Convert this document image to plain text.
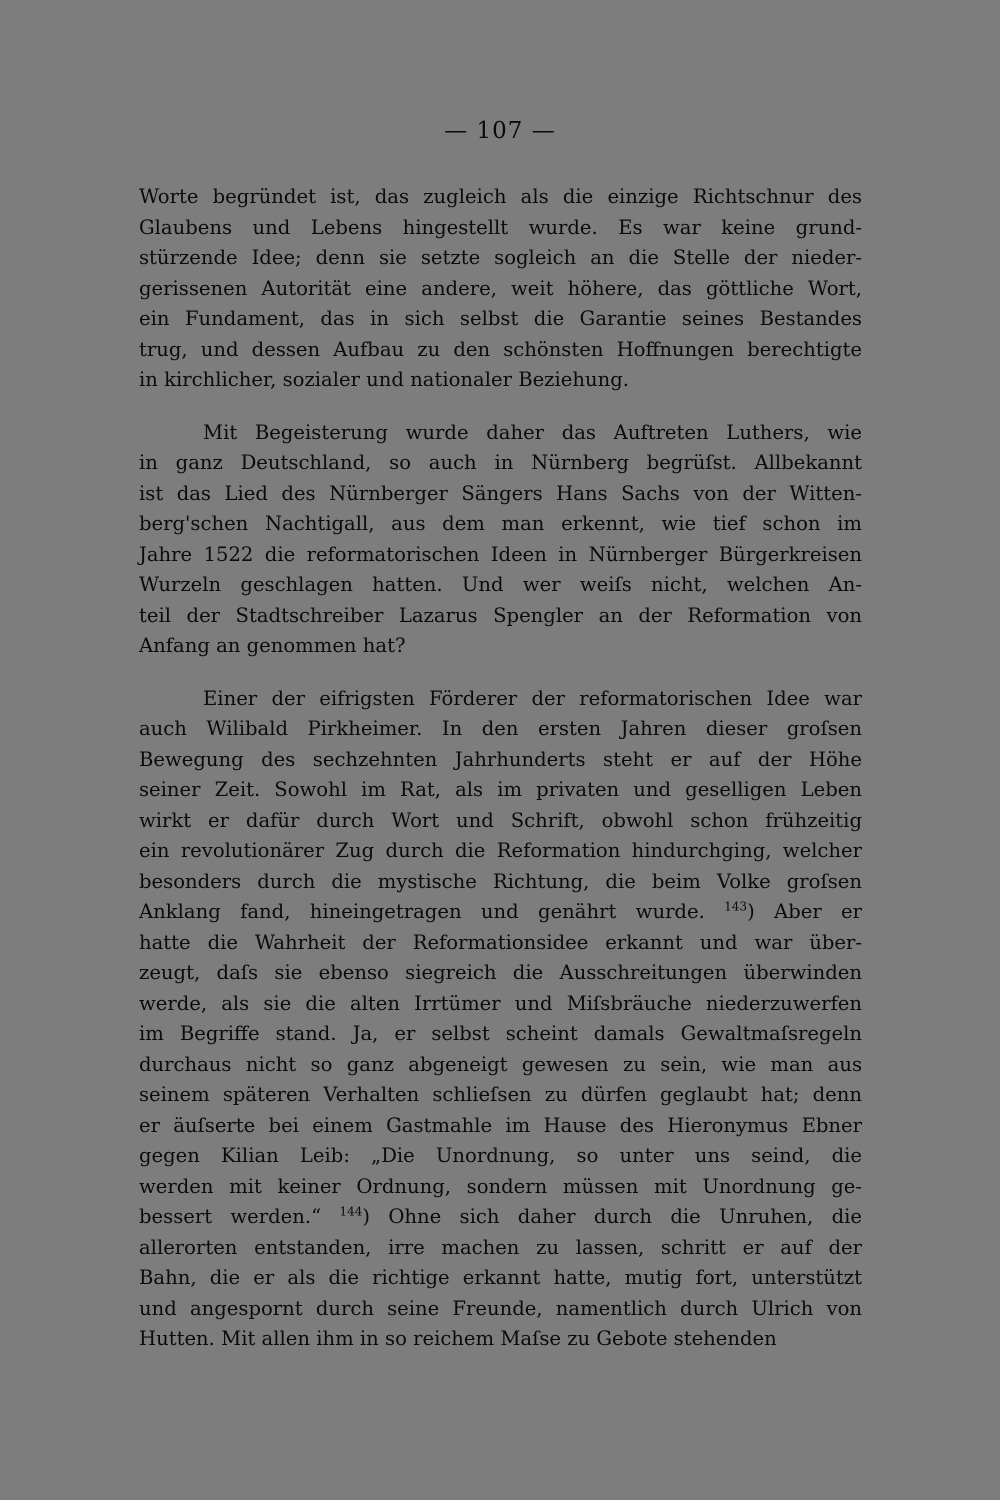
— 107 —
Worte begründet ist, das zugleich als die einzige Richtschnur des
Glaubens und Lebens hingestellt wurde. Es war keine grund-
stürzende Idee; denn sie setzte sogleich an die Stelle der nieder-
gerissenen Autorität eine andere, weit höhere, das göttliche Wort,
ein Fundament, das in sich selbst die Garantie seines Bestandes
trug, und dessen Aufbau zu den schönsten Hoffnungen berechtigte
in kirchlicher, sozialer und nationaler Beziehung.
Mit Begeisterung wurde daher das Auftreten Luthers, wie
in ganz Deutschland, so auch in Nürnberg begrüſst. Allbekannt
ist das Lied des Nürnberger Sängers Hans Sachs von der Witten-
berg'schen Nachtigall, aus dem man erkennt, wie tief schon im
Jahre 1522 die reformatorischen Ideen in Nürnberger Bürgerkreisen
Wurzeln geschlagen hatten. Und wer weiſs nicht, welchen An-
teil der Stadtschreiber Lazarus Spengler an der Reformation von
Anfang an genommen hat?
Einer der eifrigsten Förderer der reformatorischen Idee war
auch Wilibald Pirkheimer. In den ersten Jahren dieser groſsen
Bewegung des sechzehnten Jahrhunderts steht er auf der Höhe
seiner Zeit. Sowohl im Rat, als im privaten und geselligen Leben
wirkt er dafür durch Wort und Schrift, obwohl schon frühzeitig
ein revolutionärer Zug durch die Reformation hindurchging, welcher
besonders durch die mystische Richtung, die beim Volke groſsen
Anklang fand, hineingetragen und genährt wurde. $^{143}$) Aber er
hatte die Wahrheit der Reformationsidee erkannt und war über-
zeugt, daſs sie ebenso siegreich die Ausschreitungen überwinden
werde, als sie die alten Irrtümer und Miſsbräuche niederzuwerfen
im Begriffe stand. Ja, er selbst scheint damals Gewaltmaſsregeln
durchaus nicht so ganz abgeneigt gewesen zu sein, wie man aus
seinem späteren Verhalten schlieſsen zu dürfen geglaubt hat; denn
er äuſserte bei einem Gastmahle im Hause des Hieronymus Ebner
gegen Kilian Leib: „Die Unordnung, so unter uns seind, die
werden mit keiner Ordnung, sondern müssen mit Unordnung ge-
bessert werden.“ $^{144}$) Ohne sich daher durch die Unruhen, die
allerorten entstanden, irre machen zu lassen, schritt er auf der
Bahn, die er als die richtige erkannt hatte, mutig fort, unterstützt
und angespornt durch seine Freunde, namentlich durch Ulrich von
Hutten. Mit allen ihm in so reichem Maſse zu Gebote stehenden
